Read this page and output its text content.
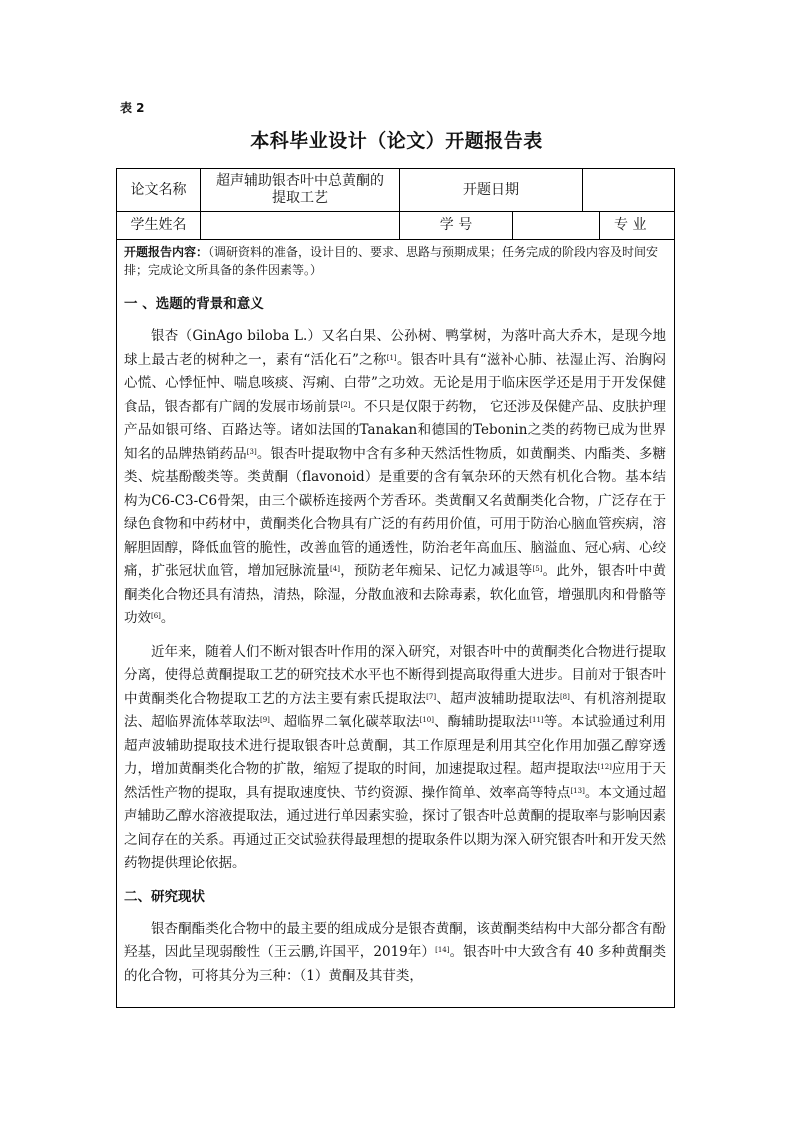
表 2
本科毕业设计（论文）开题报告表
论文名称
超声辅助银杏叶中总黄酮的提取工艺
开题日期
学生姓名	学 号	专 业
开题报告内容：（调研资料的准备，设计目的、要求、思路与预期成果；任务完成的阶段内容及时间安排；完成论文所具备的条件因素等。）
一 、选题的背景和意义

银杏（GinAgo biloba L.）又名白果、公孙树、鸭掌树，为落叶高大乔木，是现今地球上最古老的树种之一，素有“活化石”之称[1]。银杏叶具有“滋补心肺、祛湿止泻、治胸闷心慌、心悸怔忡、喘息咳痰、泻痢、白带”之功效。无论是用于临床医学还是用于开发保健食品，银杏都有广阔的发展市场前景[2]。不只是仅限于药物， 它还涉及保健产品、皮肤护理产品如银可络、百路达等。诸如法国的Tanakan和德国的Tebonin之类的药物已成为世界知名的品牌热销药品[3]。银杏叶提取物中含有多种天然活性物质，如黄酮类、内酯类、多糖类、烷基酚酸类等。类黄酮（flavonoid）是重要的含有氧杂环的天然有机化合物。基本结构为C6-C3-C6骨架，由三个碳桥连接两个芳香环。类黄酮又名黄酮类化合物，广泛存在于绿色食物和中药材中，黄酮类化合物具有广泛的有药用价值，可用于防治心脑血管疾病，溶解胆固醇，降低血管的脆性，改善血管的通透性，防治老年高血压、脑溢血、冠心病、心绞痛，扩张冠状血管，增加冠脉流量[4]，预防老年痴呆、记忆力减退等[5]。此外，银杏叶中黄酮类化合物还具有清热，清热，除湿，分散血液和去除毒素，软化血管，增强肌肉和骨骼等功效[6]。

近年来，随着人们不断对银杏叶作用的深入研究，对银杏叶中的黄酮类化合物进行提取分离，使得总黄酮提取工艺的研究技术水平也不断得到提高取得重大进步。目前对于银杏叶中黄酮类化合物提取工艺的方法主要有索氏提取法[7]、超声波辅助提取法[8]、有机溶剂提取法、超临界流体萃取法[9]、超临界二氧化碳萃取法[10]、酶辅助提取法[11]等。本试验通过利用超声波辅助提取技术进行提取银杏叶总黄酮，其工作原理是利用其空化作用加强乙醇穿透力，增加黄酮类化合物的扩散，缩短了提取的时间，加速提取过程。超声提取法[12]应用于天然活性产物的提取，具有提取速度快、节约资源、操作简单、效率高等特点[13]。本文通过超声辅助乙醇水溶液提取法，通过进行单因素实验，探讨了银杏叶总黄酮的提取率与影响因素之间存在的关系。再通过正交试验获得最理想的提取条件以期为深入研究银杏叶和开发天然药物提供理论依据。

二、研究现状

银杏酮酯类化合物中的最主要的组成成分是银杏黄酮，该黄酮类结构中大部分都含有酚羟基，因此呈现弱酸性（王云鹏,许国平，2019年）[14]。银杏叶中大致含有 40 多种黄酮类的化合物，可将其分为三种：（1）黄酮及其苷类，
